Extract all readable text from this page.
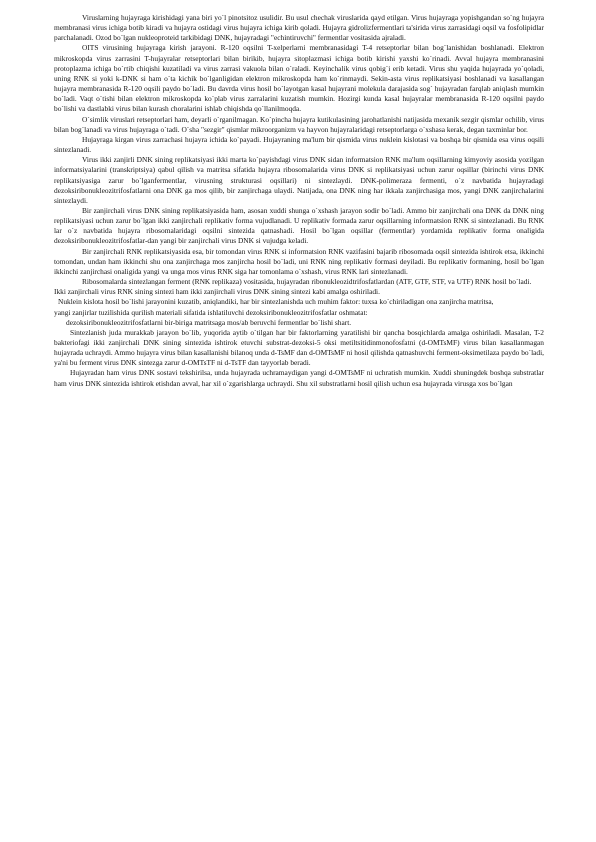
Viruslarning hujayraga kirishidagi yana biri yo`l pinotsitoz usulidir. Bu usul chechak viruslarida qayd etilgan. Virus hujayraga yopishgandan so`ng hujayra membranasi virus ichiga botib kiradi va hujayra ostidagi virus hujayra ichiga kirib qoladi. Hujayra gidrolizfermentlari ta'sirida virus zarrasidagi oqsil va fosfolipidlar parchalanadi. Ozod bo`lgan nukleoproteid tarkibidagi DNK, hujayradagi "echintiruvchi" fermentlar vositasida ajraladi.

OITS virusining hujayraga kirish jarayoni. R-120 oqsilni T-xelperlarni membranasidagi T-4 retseptorlar bilan bog`lanishidan boshlanadi. Elektron mikroskopda virus zarrasini T-hujayralar retseptorlari bilan birikib, hujayra sitoplazmasi ichiga botib kirishi yaxshi ko`rinadi. Avval hujayra membranasini protoplazma ichiga bo`rtib chiqishi kuzatiladi va virus zarrasi vakuola bilan o`raladi. Keyinchalik virus qobig`i erib ketadi. Virus shu yaqida hujayrada yo`qoladi, uning RNK si yoki k-DNK si ham o`ta kichik bo`lganligidan elektron mikroskopda ham ko`rinmaydi. Sekin-asta virus replikatsiyasi boshlanadi va kasallangan hujayra membranasida R-120 oqsili paydo bo`ladi. Bu davrda virus hosil bo`layotgan kasal hujayrani molekula darajasida sog` hujayradan farqlab aniqlash mumkin bo`ladi. Vaqt o`tishi bilan elektron mikroskopda ko`plab virus zarralarini kuzatish mumkin. Hozirgi kunda kasal hujayralar membranasida R-120 oqsilni paydo bo`lishi va dastlabki virus bilan kurash choralarini ishlab chiqishda qo`llanilmoqda.

O`simlik viruslari retseptorlari ham, deyarli o`rganilmagan. Ko`pincha hujayra kutikulasining jarohatlanishi natijasida mexanik sezgir qismlar ochilib, virus bilan bog`lanadi va virus hujayraga o`tadi. O`sha "sezgir" qismlar mikroorganizm va hayvon hujayralaridagi retseptorlarga o`xshasa kerak, degan taxminlar bor.

Hujayraga kirgan virus zarrachasi hujayra ichida ko`payadi. Hujayraning ma'lum bir qismida virus nuklein kislotasi va boshqa bir qismida esa virus oqsili sintezlanadi.

Virus ikki zanjirli DNK sining replikatsiyasi ikki marta ko`payishdagi virus DNK sidan informatsion RNK ma'lum oqsillarning kimyoviy asosida yozilgan informatsiyalarini (transkriptsiya) qabul qilish va matritsa sifatida hujayra ribosomalarida virus DNK si replikatsiyasi uchun zarur oqsillar (birinchi virus DNK replikatsiyasiga zarur bo`lganfermentlar, virusning strukturasi oqsillari) ni sintezlaydi. DNK-polimeraza fermenti, o`z navbatida hujayradagi dezoksiribonukleozitrifosfatlarni ona DNK ga mos qilib, bir zanjirchaga ulaydi. Natijada, ona DNK ning har ikkala zanjirchasiga mos, yangi DNK zanjirchalarini sintezlaydi.

Bir zanjirchali virus DNK sining replikatsiyasida ham, asosan xuddi shunga o`xshash jarayon sodir bo`ladi. Ammo bir zanjirchali ona DNK da DNK ning replikatsiyasi uchun zarur bo`lgan ikki zanjirchali replikativ forma vujudlanadi. U replikativ formada zarur oqsillarning informatsion RNK si sintezlanadi. Bu RNK lar o`z navbatida hujayra ribosomalaridagi oqsilni sintezida qatnashadi. Hosil bo`lgan oqsillar (fermentlar) yordamida replikativ forma onaligida dezoksiribonukleozitrifosfatlar-dan yangi bir zanjirchali virus DNK si vujudga keladi.

Bir zanjirchali RNK replikatsiyasida esa, bir tomondan virus RNK si informatsion RNK vazifasini bajarib ribosomada oqsil sintezida ishtirok etsa, ikkinchi tomondan, undan ham ikkinchi shu ona zanjirchaga mos zanjircha hosil bo`ladi, uni RNK ning replikativ formasi deyiladi. Bu replikativ formaning, hosil bo`lgan ikkinchi zanjirchasi onaligida yangi va unga mos virus RNK siga har tomonlama o`xshash, virus RNK lari sintezlanadi.

Ribosomalarda sintezlangan ferment (RNK replikaza) vositasida, hujayradan ribonukleozidtrifosfatlardan (ATF, GTF, STF, va UTF) RNK hosil bo`ladi.

Ikki zanjirchali virus RNK sining sintezi ham ikki zanjirchali virus DNK sining sintezi kabi amalga oshiriladi.

Nuklein kislota hosil bo`lishi jarayonini kuzatib, aniqlandiki, har bir sintezlanishda uch muhim faktor: tuxsa ko`chiriladigan ona zanjircha matritsa,

yangi zanjirlar tuzilishida qurilish materiali sifatida ishlatiluvchi dezoksiribonukleozitrifosfatlar oshmatat:

dezoksiribonukleozitrifosfatlarni bir-biriga matritsaga mos/ab beruvchi fermentlar bo`lishi shart.

Sintezlanish juda murakkab jarayon bo`lib, yuqorida aytib o`tilgan har bir faktorlarning yaratilishi bir qancha bosqichlarda amalga oshiriladi. Masalan, T-2 bakteriofagi ikki zanjirchali DNK sining sintezida ishtirok etuvchi substrat-dezoksi-5 oksi metiltsitidinmonofosfatni (d-OMTsMF) virus bilan kasallanmagan hujayrada uchraydi. Ammo hujayra virus bilan kasallanishi bilanoq unda d-TsMF dan d-OMTsMF ni hosil qilishda qatnashuvchi ferment-oksimetilaza paydo bo`ladi, ya'ni bu ferment virus DNK sintezga zarur d-OMTsTF ni d-TsTF dan tayyorlab beradi.

Hujayradan ham virus DNK sostavi tekshirilsa, unda hujayrada uchramaydigan yangi d-OMTsMF ni uchratish mumkin. Xuddi shuningdek boshqa substratlar ham virus DNK sintezida ishtirok etishdan avval, har xil o`zgarishlarga uchraydi. Shu xil substratlarni hosil qilish uchun esa hujayrada virusga xos bo`lgan
